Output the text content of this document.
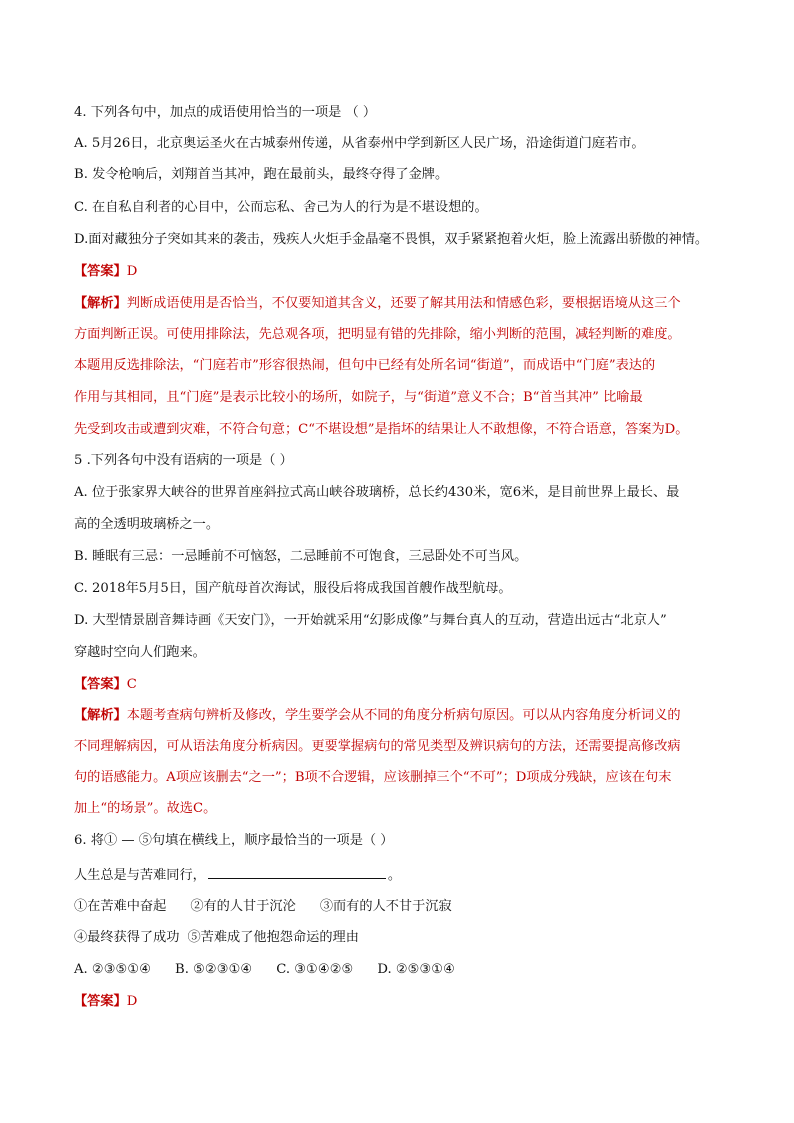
4. 下列各句中，加点的成语使用恰当的一项是 （ ）
A. 5月26日，北京奥运圣火在古城泰州传递，从省泰州中学到新区人民广场，沿途街道门庭若市。
B. 发令枪响后，刘翔首当其冲，跑在最前头，最终夺得了金牌。
C. 在自私自利者的心目中，公而忘私、舍己为人的行为是不堪设想的。
D.面对藏独分子突如其来的袭击，残疾人火炬手金晶毫不畏惧，双手紧紧抱着火炬，脸上流露出骄傲的神情。
【答案】D
【解析】判断成语使用是否恰当，不仅要知道其含义，还要了解其用法和情感色彩，要根据语境从这三个
方面判断正误。可使用排除法，先总观各项，把明显有错的先排除，缩小判断的范围，减轻判断的难度。
本题用反选排除法，“门庭若市”形容很热闹，但句中已经有处所名词“街道”，而成语中“门庭”表达的
作用与其相同，且“门庭”是表示比较小的场所，如院子，与“街道”意义不合；B“首当其冲” 比喻最
先受到攻击或遭到灾难，不符合句意；C“不堪设想”是指坏的结果让人不敢想像，不符合语意，答案为D。
5 .下列各句中没有语病的一项是（ ）
A. 位于张家界大峡谷的世界首座斜拉式高山峡谷玻璃桥，总长约430米，宽6米，是目前世界上最长、最
高的全透明玻璃桥之一。
B. 睡眠有三忌：一忌睡前不可恼怒，二忌睡前不可饱食，三忌卧处不可当风。
C. 2018年5月5日，国产航母首次海试，服役后将成我国首艘作战型航母。
D. 大型情景剧音舞诗画《天安门》，一开始就采用“幻影成像”与舞台真人的互动，营造出远古“北京人”
穿越时空向人们跑来。
【答案】C
【解析】本题考查病句辨析及修改，学生要学会从不同的角度分析病句原因。可以从内容角度分析词义的
不同理解病因，可从语法角度分析病因。更要掌握病句的常见类型及辨识病句的方法，还需要提高修改病
句的语感能力。A项应该删去“之一”；B项不合逻辑，应该删掉三个“不可”；D项成分残缺，应该在句末
加上“的场景”。故选C。
6. 将① — ⑤句填在横线上，顺序最恰当的一项是（ ）
人生总是与苦难同行，	。
①在苦难中奋起 ②有的人甘于沉沦 ③而有的人不甘于沉寂
④最终获得了成功 ⑤苦难成了他抱怨命运的理由
A. ②③⑤①④ B. ⑤②③①④ C. ③①④②⑤ D. ②⑤③①④
【答案】D
